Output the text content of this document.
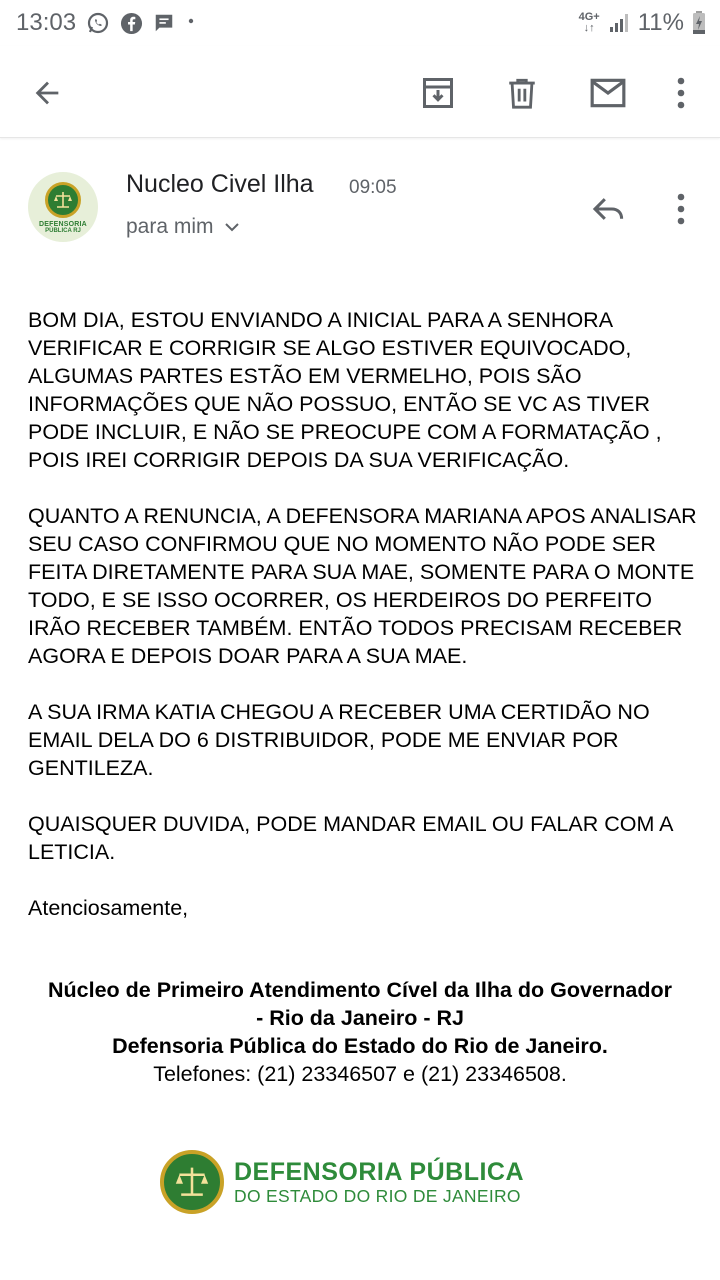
13:03	4G+
↓↑ 11%
DEFENSORIA
PÚBLICA RJ
Nucleo Civel Ilha 09:05
para mim

BOM DIA, ESTOU ENVIANDO A INICIAL PARA A SENHORA VERIFICAR E CORRIGIR SE ALGO ESTIVER EQUIVOCADO, ALGUMAS PARTES ESTÃO EM VERMELHO, POIS SÃO INFORMAÇÕES QUE NÃO POSSUO, ENTÃO SE VC AS TIVER PODE INCLUIR, E NÃO SE PREOCUPE COM A FORMATAÇÃO , POIS IREI CORRIGIR DEPOIS DA SUA VERIFICAÇÃO.

QUANTO A RENUNCIA, A DEFENSORA MARIANA APOS ANALISAR SEU CASO CONFIRMOU QUE NO MOMENTO NÃO PODE SER FEITA DIRETAMENTE PARA SUA MAE, SOMENTE PARA O MONTE TODO, E SE ISSO OCORRER, OS HERDEIROS DO PERFEITO IRÃO RECEBER TAMBÉM. ENTÃO TODOS PRECISAM RECEBER AGORA E DEPOIS DOAR PARA A SUA MAE.

A SUA IRMA KATIA CHEGOU A RECEBER UMA CERTIDÃO NO EMAIL DELA DO 6 DISTRIBUIDOR, PODE ME ENVIAR POR GENTILEZA.

QUAISQUER DUVIDA, PODE MANDAR EMAIL OU FALAR COM A LETICIA.

Atenciosamente,

Núcleo de Primeiro Atendimento Cível da Ilha do Governador
- Rio da Janeiro - RJ
Defensoria Pública do Estado do Rio de Janeiro.
Telefones: (21) 23346507 e (21) 23346508.
DEFENSORIA PÚBLICA
DO ESTADO DO RIO DE JANEIRO
